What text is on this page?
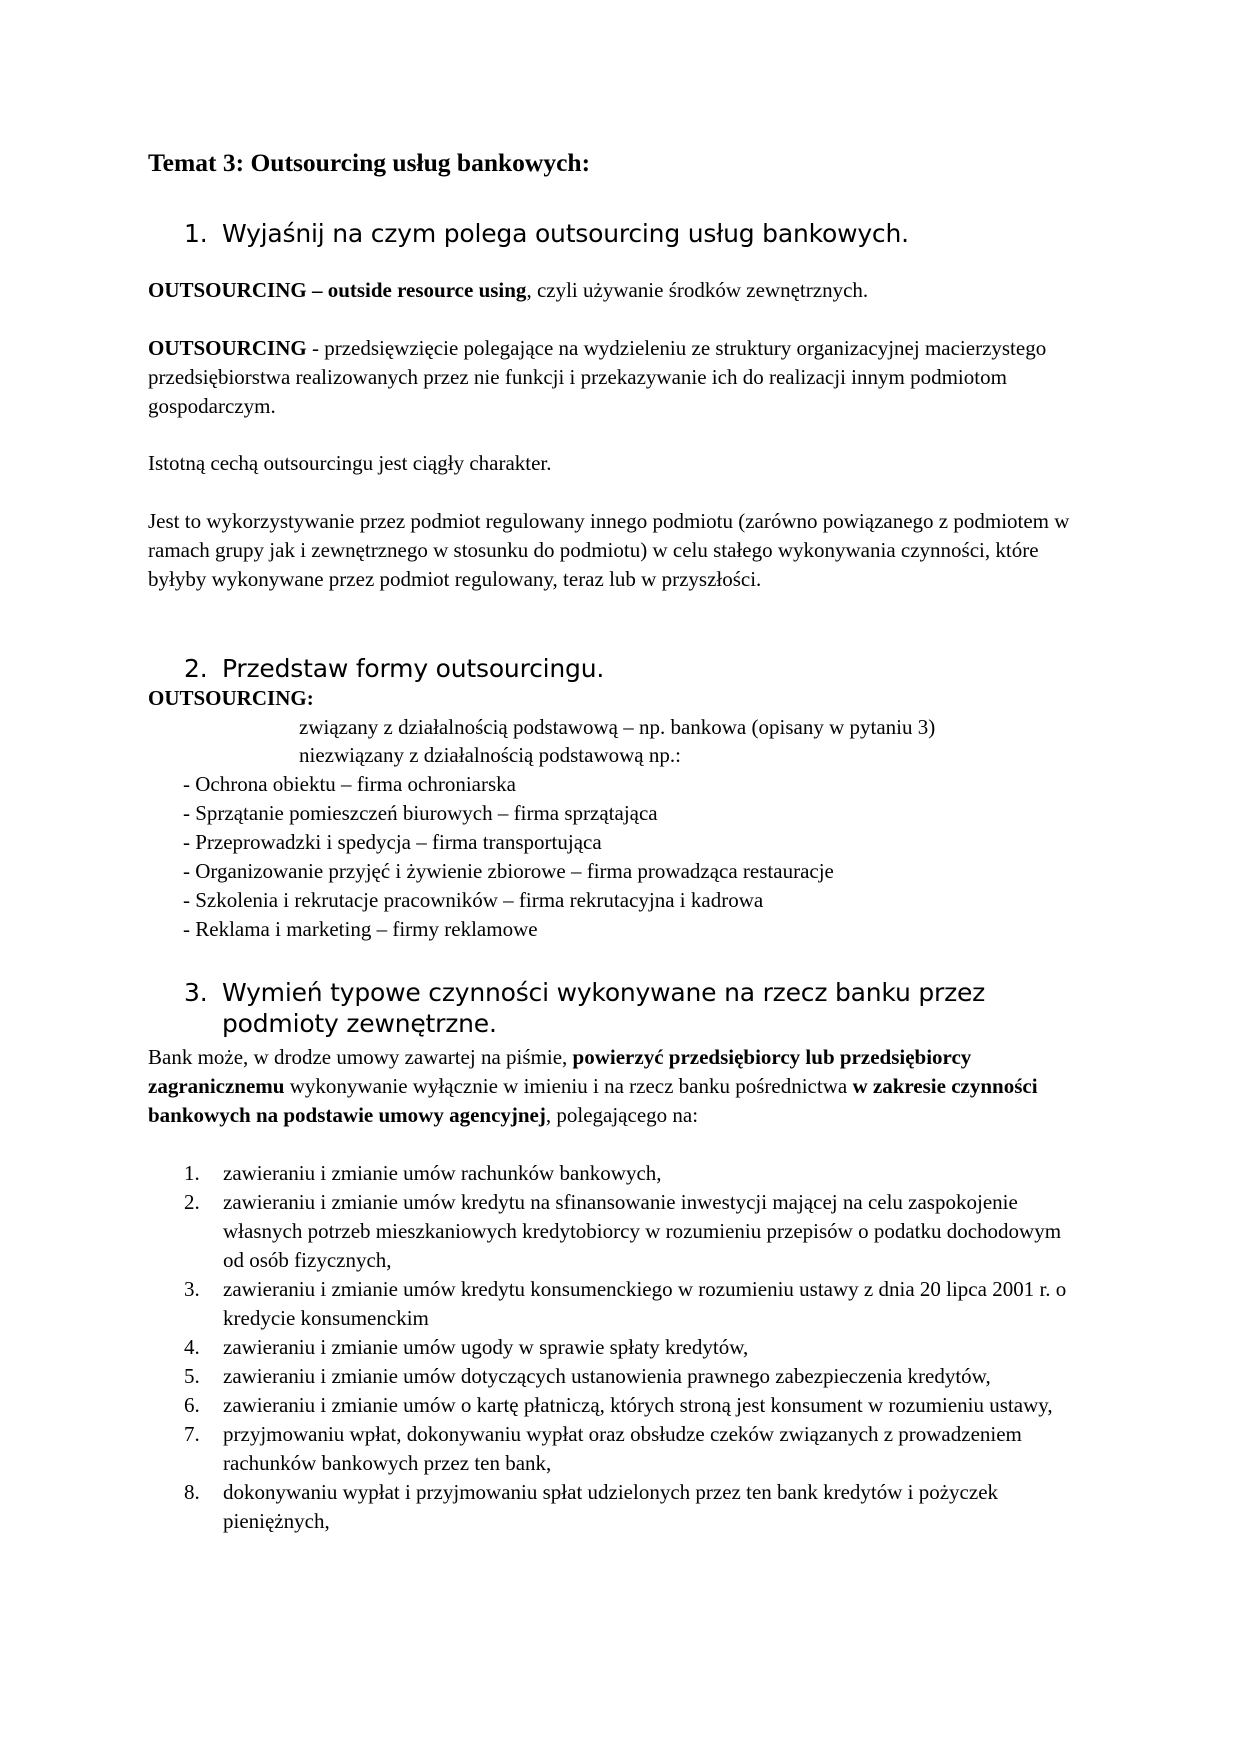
Temat 3: Outsourcing usług bankowych:
1. Wyjaśnij na czym polega outsourcing usług bankowych.

OUTSOURCING – outside resource using, czyli używanie środków zewnętrznych.

OUTSOURCING - przedsięwzięcie polegające na wydzieleniu ze struktury organizacyjnej macierzystego przedsiębiorstwa realizowanych przez nie funkcji i przekazywanie ich do realizacji innym podmiotom gospodarczym.

Istotną cechą outsourcingu jest ciągły charakter.

Jest to wykorzystywanie przez podmiot regulowany innego podmiotu (zarówno powiązanego z podmiotem w ramach grupy jak i zewnętrznego w stosunku do podmiotu) w celu stałego wykonywania czynności, które byłyby wykonywane przez podmiot regulowany, teraz lub w przyszłości.

2. Przedstaw formy outsourcingu.

OUTSOURCING:

związany z działalnością podstawową – np. bankowa (opisany w pytaniu 3)

niezwiązany z działalnością podstawową np.:

- Ochrona obiektu – firma ochroniarska
- Sprzątanie pomieszczeń biurowych – firma sprzątająca
- Przeprowadzki i spedycja – firma transportująca
- Organizowanie przyjęć i żywienie zbiorowe – firma prowadząca restauracje
- Szkolenia i rekrutacje pracowników – firma rekrutacyjna i kadrowa
- Reklama i marketing – firmy reklamowe
3. Wymień typowe czynności wykonywane na rzecz banku przez podmioty zewnętrzne.

Bank może, w drodze umowy zawartej na piśmie, powierzyć przedsiębiorcy lub przedsiębiorcy zagranicznemu wykonywanie wyłącznie w imieniu i na rzecz banku pośrednictwa w zakresie czynności bankowych na podstawie umowy agencyjnej, polegającego na:

1. zawieraniu i zmianie umów rachunków bankowych,
2. zawieraniu i zmianie umów kredytu na sfinansowanie inwestycji mającej na celu zaspokojenie własnych potrzeb mieszkaniowych kredytobiorcy w rozumieniu przepisów o podatku dochodowym od osób fizycznych,
3. zawieraniu i zmianie umów kredytu konsumenckiego w rozumieniu ustawy z dnia 20 lipca 2001 r. o kredycie konsumenckim
4. zawieraniu i zmianie umów ugody w sprawie spłaty kredytów,
5. zawieraniu i zmianie umów dotyczących ustanowienia prawnego zabezpieczenia kredytów,
6. zawieraniu i zmianie umów o kartę płatniczą, których stroną jest konsument w rozumieniu ustawy,
7. przyjmowaniu wpłat, dokonywaniu wypłat oraz obsłudze czeków związanych z prowadzeniem rachunków bankowych przez ten bank,
8. dokonywaniu wypłat i przyjmowaniu spłat udzielonych przez ten bank kredytów i pożyczek pieniężnych,
